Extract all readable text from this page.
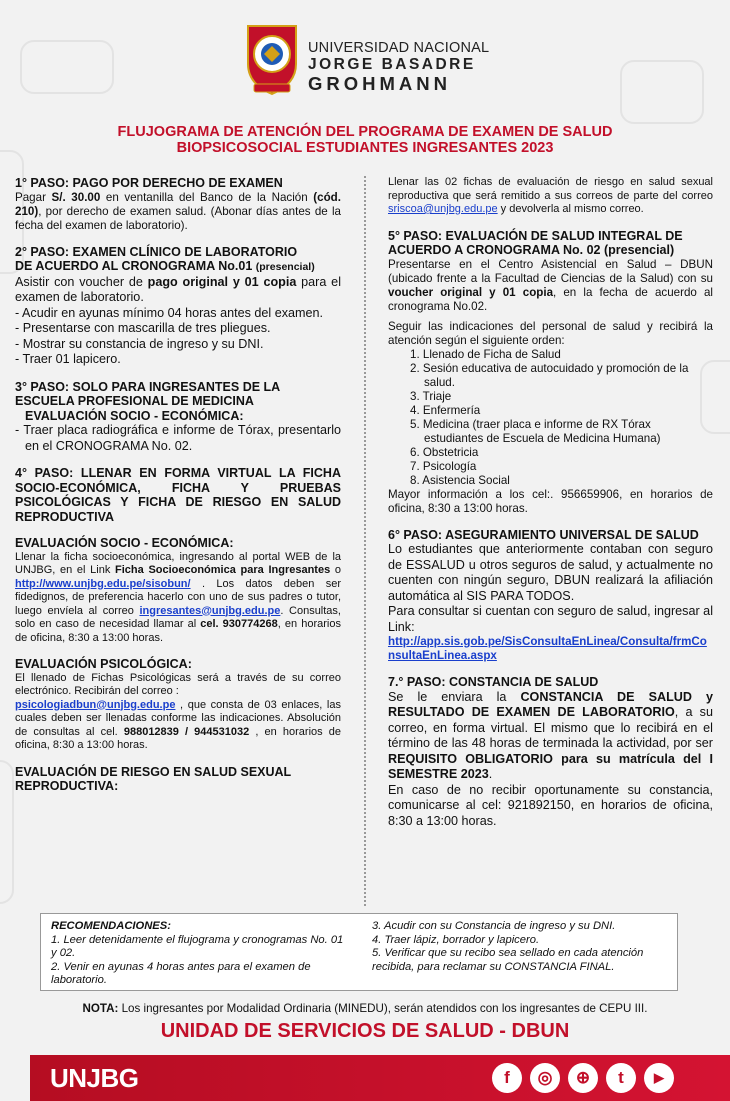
UNIVERSIDAD NACIONAL
JORGE BASADRE
GROHMANN
FLUJOGRAMA DE ATENCIÓN DEL PROGRAMA DE EXAMEN DE SALUD
BIOPSICOSOCIAL ESTUDIANTES INGRESANTES 2023

1° PASO: PAGO POR DERECHO DE EXAMEN

Pagar S/. 30.00 en ventanilla del Banco de la Nación (cód. 210), por derecho de examen salud. (Abonar días antes de la fecha del examen de laboratorio).

2° PASO: EXAMEN CLÍNICO DE LABORATORIO
DE ACUERDO AL CRONOGRAMA No.01 (presencial)

Asistir con voucher de pago original y 01 copia para el examen de laboratorio.

- Acudir en ayunas mínimo 04 horas antes del examen.

- Presentarse con mascarilla de tres pliegues.

- Mostrar su constancia de ingreso y su DNI.

- Traer 01 lapicero.

3° PASO: SOLO PARA INGRESANTES DE LA
ESCUELA PROFESIONAL DE MEDICINA

EVALUACIÓN SOCIO - ECONÓMICA:

- Traer placa radiográfica e informe de Tórax, presentarlo en el CRONOGRAMA No. 02.

4° PASO: LLENAR EN FORMA VIRTUAL LA FICHA SOCIO-ECONÓMICA, FICHA Y PRUEBAS PSICOLÓGICAS Y FICHA DE RIESGO EN SALUD REPRODUCTIVA

EVALUACIÓN SOCIO - ECONÓMICA:

Llenar la ficha socioeconómica, ingresando al portal WEB de la UNJBG, en el Link Ficha Socioeconómica para Ingresantes o http://www.unjbg.edu.pe/sisobun/ . Los datos deben ser fidedignos, de preferencia hacerlo con uno de sus padres o tutor, luego envíela al correo ingresantes@unjbg.edu.pe. Consultas, solo en caso de necesidad llamar al cel. 930774268, en horarios de oficina, 8:30 a 13:00 horas.

EVALUACIÓN PSICOLÓGICA:

El llenado de Fichas Psicológicas será a través de su correo electrónico. Recibirán del correo :

psicologiadbun@unjbg.edu.pe , que consta de 03 enlaces, las cuales deben ser llenadas conforme las indicaciones. Absolución de consultas al cel. 988012839 / 944531032 , en horarios de oficina, 8:30 a 13:00 horas.

EVALUACIÓN DE RIESGO EN SALUD SEXUAL REPRODUCTIVA:

Llenar las 02 fichas de evaluación de riesgo en salud sexual reproductiva que será remitido a sus correos de parte del correo sriscoa@unjbg.edu.pe y devolverla al mismo correo.

5° PASO: EVALUACIÓN DE SALUD INTEGRAL DE ACUERDO A CRONOGRAMA No. 02 (presencial)

Presentarse en el Centro Asistencial en Salud – DBUN (ubicado frente a la Facultad de Ciencias de la Salud) con su voucher original y 01 copia, en la fecha de acuerdo al cronograma No.02.

Seguir las indicaciones del personal de salud y recibirá la atención según el siguiente orden:

1. Llenado de Ficha de Salud
2. Sesión educativa de autocuidado y promoción de la salud.
3. Triaje
4. Enfermería
5. Medicina (traer placa e informe de RX Tórax estudiantes de Escuela de Medicina Humana)
6. Obstetricia
7. Psicología
8. Asistencia Social

Mayor información a los cel:. 956659906, en horarios de oficina, 8:30 a 13:00 horas.

6° PASO: ASEGURAMIENTO UNIVERSAL DE SALUD

Lo estudiantes que anteriormente contaban con seguro de ESSALUD u otros seguros de salud, y actualmente no cuenten con ningún seguro, DBUN realizará la afiliación automática al SIS PARA TODOS.

Para consultar si cuentan con seguro de salud, ingresar al Link:

http://app.sis.gob.pe/SisConsultaEnLinea/Consulta/frmConsultaEnLinea.aspx

7.° PASO: CONSTANCIA DE SALUD

Se le enviara la CONSTANCIA DE SALUD y RESULTADO DE EXAMEN DE LABORATORIO, a su correo, en forma virtual. El mismo que lo recibirá en el término de las 48 horas de terminada la actividad, por ser REQUISITO OBLIGATORIO para su matrícula del I SEMESTRE 2023.

En caso de no recibir oportunamente su constancia, comunicarse al cel: 921892150, en horarios de oficina, 8:30 a 13:00 horas.

RECOMENDACIONES:
1. Leer detenidamente el flujograma y cronogramas No. 01 y 02.
2. Venir en ayunas 4 horas antes para el examen de laboratorio.
3. Acudir con su Constancia de ingreso y su DNI.
4. Traer lápiz, borrador y lapicero.
5. Verificar que su recibo sea sellado en cada atención recibida, para reclamar su CONSTANCIA FINAL.
NOTA: Los ingresantes por Modalidad Ordinaria (MINEDU), serán atendidos con los ingresantes de CEPU III.
UNIDAD DE SERVICIOS DE SALUD - DBUN
UNJBG	f	◎	⊕	t	▶
